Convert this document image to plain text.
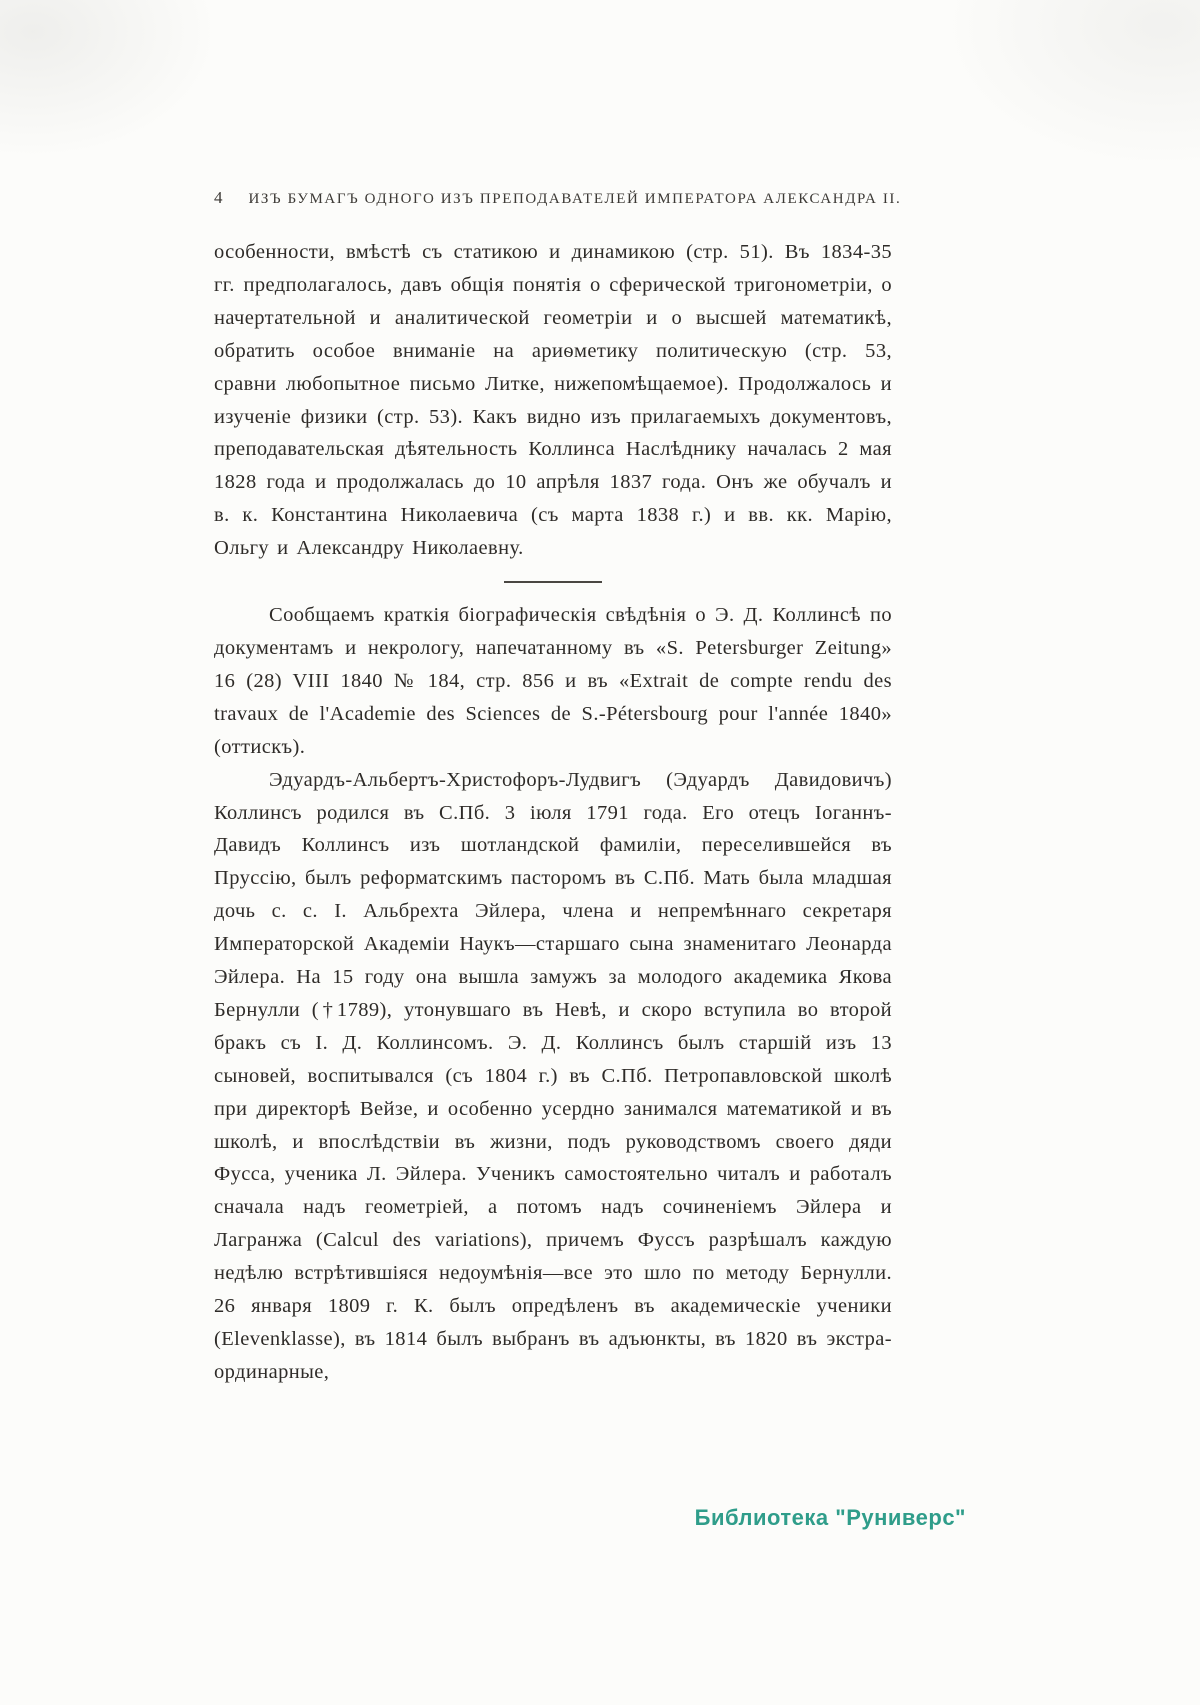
4 ИЗЪ БУМАГЪ ОДНОГО ИЗЪ ПРЕПОДАВАТЕЛЕЙ ИМПЕРАТОРА АЛЕКСАНДРА II.

особенности, вмѣстѣ съ статикою и динамикою (стр. 51). Въ 1834-35 гг. предполагалось, давъ общія понятія о сферической тригонометріи, о начертательной и аналитической геометріи и о высшей математикѣ, обратить особое вниманіе на ариѳметику политическую (стр. 53, сравни любопытное письмо Литке, нижепомѣщаемое). Продолжалось и изученіе физики (стр. 53). Какъ видно изъ прилагаемыхъ документовъ, преподавательская дѣятельность Коллинса Наслѣднику началась 2 мая 1828 года и продолжалась до 10 апрѣля 1837 года. Онъ же обучалъ и в. к. Константина Николаевича (съ марта 1838 г.) и вв. кк. Марію, Ольгу и Александру Николаевну.

Сообщаемъ краткія біографическія свѣдѣнія о Э. Д. Коллинсѣ по документамъ и некрологу, напечатанному въ «S. Petersburger Zeitung» 16 (28) VIII 1840 № 184, стр. 856 и въ «Extrait de compte rendu des travaux de l'Academie des Sciences de S.-Pétersbourg pour l'année 1840» (оттискъ).

Эдуардъ-Альбертъ-Христофоръ-Лудвигъ (Эдуардъ Давидовичъ) Коллинсъ родился въ С.Пб. 3 іюля 1791 года. Его отецъ Іоганнъ-Давидъ Коллинсъ изъ шотландской фамиліи, переселившейся въ Пруссію, былъ реформатскимъ пасторомъ въ С.Пб. Мать была младшая дочь с. с. І. Альбрехта Эйлера, члена и непремѣннаго секретаря Императорской Академіи Наукъ—старшаго сына знаменитаго Леонарда Эйлера. На 15 году она вышла замужъ за молодого академика Якова Бернулли (†1789), утонувшаго въ Невѣ, и скоро вступила во второй бракъ съ І. Д. Коллинсомъ. Э. Д. Коллинсъ былъ старшій изъ 13 сыновей, воспитывался (съ 1804 г.) въ С.Пб. Петропавловской школѣ при директорѣ Вейзе, и особенно усердно занимался математикой и въ школѣ, и впослѣдствіи въ жизни, подъ руководствомъ своего дяди Фусса, ученика Л. Эйлера. Ученикъ самостоятельно читалъ и работалъ сначала надъ геометріей, а потомъ надъ сочиненіемъ Эйлера и Лагранжа (Calcul des variations), причемъ Фуссъ разрѣшалъ каждую недѣлю встрѣтившіяся недоумѣнія—все это шло по методу Бернулли. 26 января 1809 г. К. былъ опредѣленъ въ академическіе ученики (Elevenklasse), въ 1814 былъ выбранъ въ адъюнкты, въ 1820 въ экстра-ординарные,

Библиотека "Руниверс"
